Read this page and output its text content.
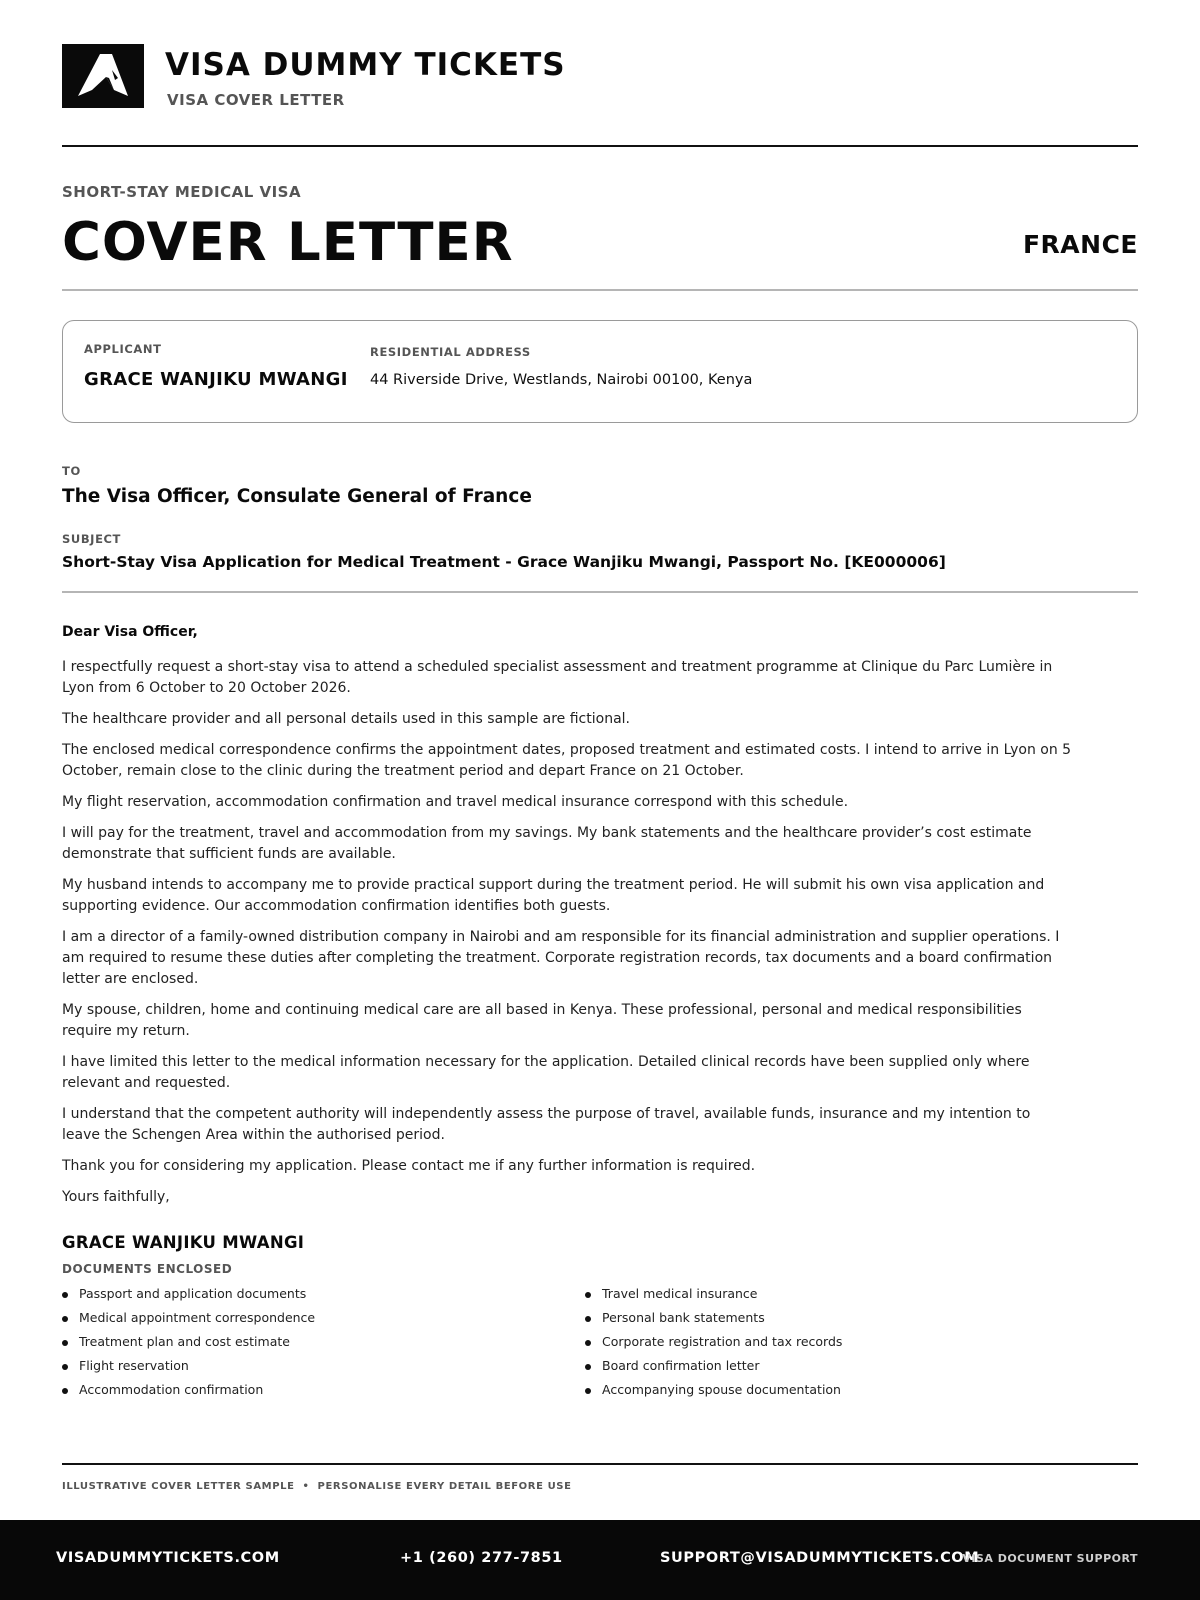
VISA DUMMY TICKETS
VISA COVER LETTER
SHORT-STAY MEDICAL VISA
COVER LETTER	FRANCE
APPLICANT
GRACE WANJIKU MWANGI
RESIDENTIAL ADDRESS
44 Riverside Drive, Westlands, Nairobi 00100, Kenya
TO
The Visa Officer, Consulate General of France
SUBJECT
Short-Stay Visa Application for Medical Treatment - Grace Wanjiku Mwangi, Passport No. [KE000006]

Dear Visa Officer,

I respectfully request a short-stay visa to attend a scheduled specialist assessment and treatment programme at Clinique du Parc Lumière in Lyon from 6 October to 20 October 2026.

The healthcare provider and all personal details used in this sample are fictional.

The enclosed medical correspondence confirms the appointment dates, proposed treatment and estimated costs. I intend to arrive in Lyon on 5 October, remain close to the clinic during the treatment period and depart France on 21 October.

My flight reservation, accommodation confirmation and travel medical insurance correspond with this schedule.

I will pay for the treatment, travel and accommodation from my savings. My bank statements and the healthcare provider’s cost estimate demonstrate that sufficient funds are available.

My husband intends to accompany me to provide practical support during the treatment period. He will submit his own visa application and supporting evidence. Our accommodation confirmation identifies both guests.

I am a director of a family-owned distribution company in Nairobi and am responsible for its financial administration and supplier operations. I am required to resume these duties after completing the treatment. Corporate registration records, tax documents and a board confirmation letter are enclosed.

My spouse, children, home and continuing medical care are all based in Kenya. These professional, personal and medical responsibilities require my return.

I have limited this letter to the medical information necessary for the application. Detailed clinical records have been supplied only where relevant and requested.

I understand that the competent authority will independently assess the purpose of travel, available funds, insurance and my intention to leave the Schengen Area within the authorised period.

Thank you for considering my application. Please contact me if any further information is required.

Yours faithfully,

GRACE WANJIKU MWANGI
DOCUMENTS ENCLOSED
Passport and application documents
Medical appointment correspondence
Treatment plan and cost estimate
Flight reservation
Accommodation confirmation
Travel medical insurance
Personal bank statements
Corporate registration and tax records
Board confirmation letter
Accompanying spouse documentation
ILLUSTRATIVE COVER LETTER SAMPLE • PERSONALISE EVERY DETAIL BEFORE USE
VISADUMMYTICKETS.COM	+1 (260) 277-7851	SUPPORT@VISADUMMYTICKETS.COM
VISA DOCUMENT SUPPORT
